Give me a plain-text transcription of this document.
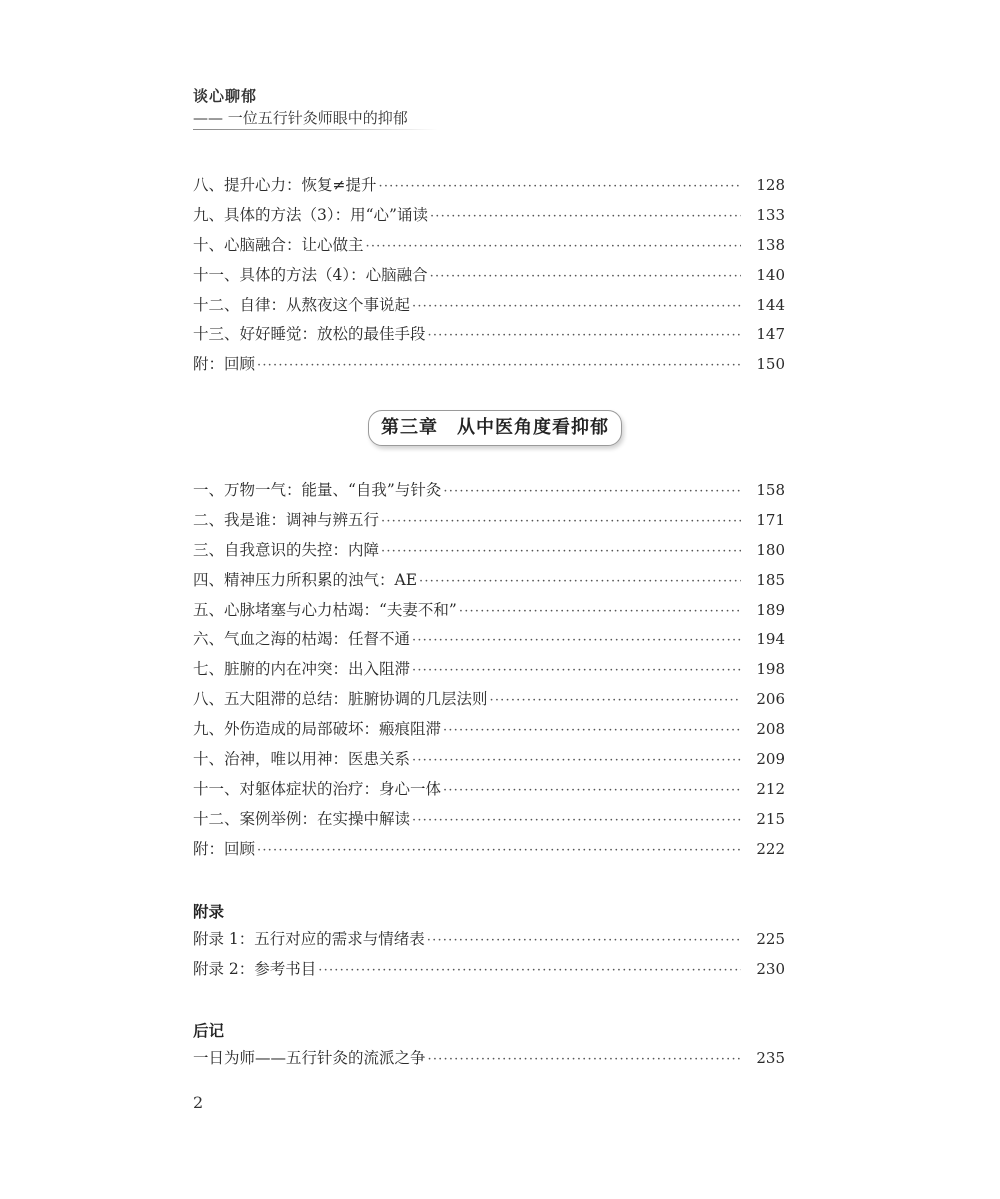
谈心聊郁
—— 一位五行针灸师眼中的抑郁
八、提升心力：恢复≠提升 ·····	128
九、具体的方法（3）：用“心”诵读 ·····	133
十、心脑融合：让心做主 ·····	138
十一、具体的方法（4）：心脑融合 ·····	140
十二、自律：从熬夜这个事说起 ·····	144
十三、好好睡觉：放松的最佳手段 ·····	147
附：回顾 ·····	150
第三章　从中医角度看抑郁
一、万物一气：能量、“自我”与针灸 ·····	158
二、我是谁：调神与辨五行 ·····	171
三、自我意识的失控：内障 ·····	180
四、精神压力所积累的浊气：AE ·····	185
五、心脉堵塞与心力枯竭：“夫妻不和” ·····	189
六、气血之海的枯竭：任督不通 ·····	194
七、脏腑的内在冲突：出入阻滞 ·····	198
八、五大阻滞的总结：脏腑协调的几层法则 ·····	206
九、外伤造成的局部破坏：瘢痕阻滞 ·····	208
十、治神，唯以用神：医患关系 ·····	209
十一、对躯体症状的治疗：身心一体 ·····	212
十二、案例举例：在实操中解读 ·····	215
附：回顾 ·····	222
附录
附录 1：五行对应的需求与情绪表 ·····	225
附录 2：参考书目 ·····	230
后记
一日为师——五行针灸的流派之争 ·····	235
2
